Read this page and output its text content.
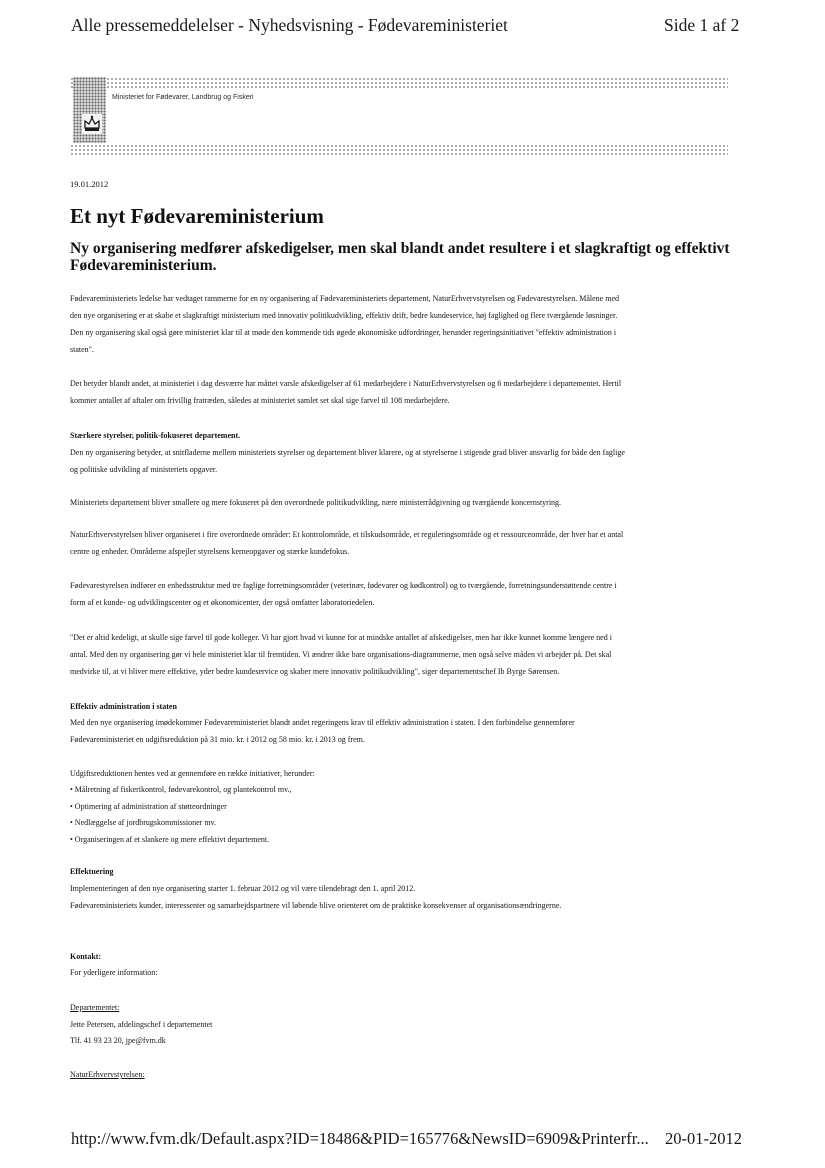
Alle pressemeddelelser - Nyhedsvisning - Fødevareministeriet	Side 1 af 2
Ministeriet for Fødevarer, Landbrug og Fiskeri
19.01.2012
Et nyt Fødevareministerium
Ny organisering medfører afskedigelser, men skal blandt andet resultere i et slagkraftigt og effektivt Fødevareministerium.
Fødevareministeriets ledelse har vedtaget rammerne for en ny organisering af Fødevareministeriets departement, NaturErhvervstyrelsen og Fødevarestyrelsen. Målene med
den nye organisering er at skabe et slagkraftigt ministerium med innovativ politikudvikling, effektiv drift, bedre kundeservice, høj faglighed og flere tværgående løsninger.
Den ny organisering skal også gøre ministeriet klar til at møde den kommende tids øgede økonomiske udfordringer, herunder regeringsinitiativet "effektiv administration i
staten".
Det betyder blandt andet, at ministeriet i dag desværre har måttet varsle afskedigelser af 61 medarbejdere i NaturErhvervstyrelsen og 6 medarbejdere i departementet. Hertil
kommer antallet af aftaler om frivillig fratræden, således at ministeriet samlet set skal sige farvel til 108 medarbejdere.
Stærkere styrelser, politik-fokuseret departement.
Den ny organisering betyder, at snitfladerne mellem ministeriets styrelser og departement bliver klarere, og at styrelserne i stigende grad bliver ansvarlig for både den faglige
og politiske udvikling af ministeriets opgaver.
Ministeriets departement bliver smallere og mere fokuseret på den overordnede politikudvikling, nære ministerrådgivning og tværgående koncernstyring.
NaturErhvervstyrelsen bliver organiseret i fire overordnede områder: Et kontrolområde, et tilskudsområde, et reguleringsområde og et ressourceområde, der hver har et antal
centre og enheder. Områderne afspejler styrelsens kerneopgaver og stærke kundefokus.
Fødevarestyrelsen indfører en enhedsstruktur med tre faglige forretningsområder (veterinær, fødevarer og kødkontrol) og to tværgående, forretningsunderstøttende centre i
form af et kunde- og udviklingscenter og et økonomicenter, der også omfatter laboratoriedelen.
"Det er altid kedeligt, at skulle sige farvel til gode kolleger. Vi har gjort hvad vi kunne for at mindske antallet af afskedigelser, men har ikke kunnet komme længere ned i
antal. Med den ny organisering gør vi hele ministeriet klar til fremtiden. Vi ændrer ikke bare organisations-diagrammerne, men også selve måden vi arbejder på. Det skal
medvirke til, at vi bliver mere effektive, yder bedre kundeservice og skaber mere innovativ politikudvikling", siger departementschef Ib Byrge Sørensen.
Effektiv administration i staten
Med den nye organisering imødekommer Fødevareministeriet blandt andet regeringens krav til effektiv administration i staten. I den forbindelse gennemfører
Fødevareministeriet en udgiftsreduktion på 31 mio. kr. i 2012 og 58 mio. kr. i 2013 og frem.
Udgiftsreduktionen hentes ved at gennemføre en række initiativer, herunder:
• Målretning af fiskerikontrol, fødevarekontrol, og plantekontrol mv.,
• Optimering af administration af støtteordninger
• Nedlæggelse af jordbrugskommissioner mv.
• Organiseringen af et slankere og mere effektivt departement.
Effektuering
Implementeringen af den nye organisering starter 1. februar 2012 og vil være tilendebragt den 1. april 2012.
Fødevareministeriets kunder, interessenter og samarbejdspartnere vil løbende blive orienteret om de praktiske konsekvenser af organisationsændringerne.
Kontakt:
For yderligere information:
Departementet:
Jette Petersen, afdelingschef i departementet
Tlf. 41 93 23 20, jpe@fvm.dk
NaturErhvervstyrelsen:
http://www.fvm.dk/Default.aspx?ID=18486&PID=165776&NewsID=6909&Printerfr... 20-01-2012
